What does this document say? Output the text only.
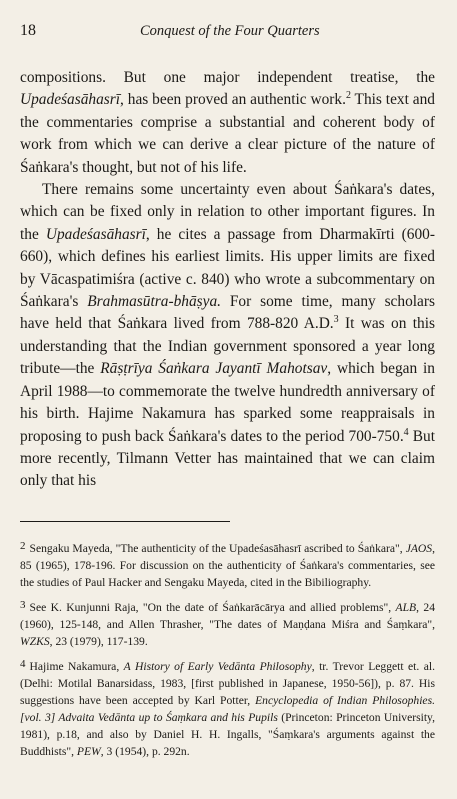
18	Conquest of the Four Quarters

compositions. But one major independent treatise, the Upadeśasāhasrī, has been proved an authentic work.$^2$ This text and the commentaries comprise a substantial and coherent body of work from which we can derive a clear picture of the nature of Śaṅkara's thought, but not of his life.

There remains some uncertainty even about Śaṅkara's dates, which can be fixed only in relation to other important figures. In the Upadeśasāhasrī, he cites a passage from Dharmakīrti (600-660), which defines his earliest limits. His upper limits are fixed by Vācaspatimiśra (active c. 840) who wrote a subcommentary on Śaṅkara's Brahmasūtra-bhāṣya. For some time, many scholars have held that Śaṅkara lived from 788-820 A.D.$^3$ It was on this understanding that the Indian government sponsored a year long tribute—the Rāṣṭrīya Śaṅkara Jayantī Mahotsav, which began in April 1988—to commemorate the twelve hundredth anniversary of his birth. Hajime Nakamura has sparked some reappraisals in proposing to push back Śaṅkara's dates to the period 700-750.$^4$ But more recently, Tilmann Vetter has maintained that we can claim only that his

2 Sengaku Mayeda, "The authenticity of the Upadeśasāhasrī ascribed to Śaṅkara", JAOS, 85 (1965), 178-196. For discussion on the authenticity of Śaṅkara's commentaries, see the studies of Paul Hacker and Sengaku Mayeda, cited in the Bibiliography.

3 See K. Kunjunni Raja, "On the date of Śaṅkarācārya and allied problems", ALB, 24 (1960), 125-148, and Allen Thrasher, "The dates of Maṇḍana Miśra and Śaṃkara", WZKS, 23 (1979), 117-139.

4 Hajime Nakamura, A History of Early Vedānta Philosophy, tr. Trevor Leggett et. al. (Delhi: Motilal Banarsidass, 1983, [first published in Japanese, 1950-56]), p. 87. His suggestions have been accepted by Karl Potter, Encyclopedia of Indian Philosophies. [vol. 3] Advaita Vedānta up to Śaṃkara and his Pupils (Princeton: Princeton University, 1981), p.18, and also by Daniel H. H. Ingalls, "Śaṃkara's arguments against the Buddhists", PEW, 3 (1954), p. 292n.
